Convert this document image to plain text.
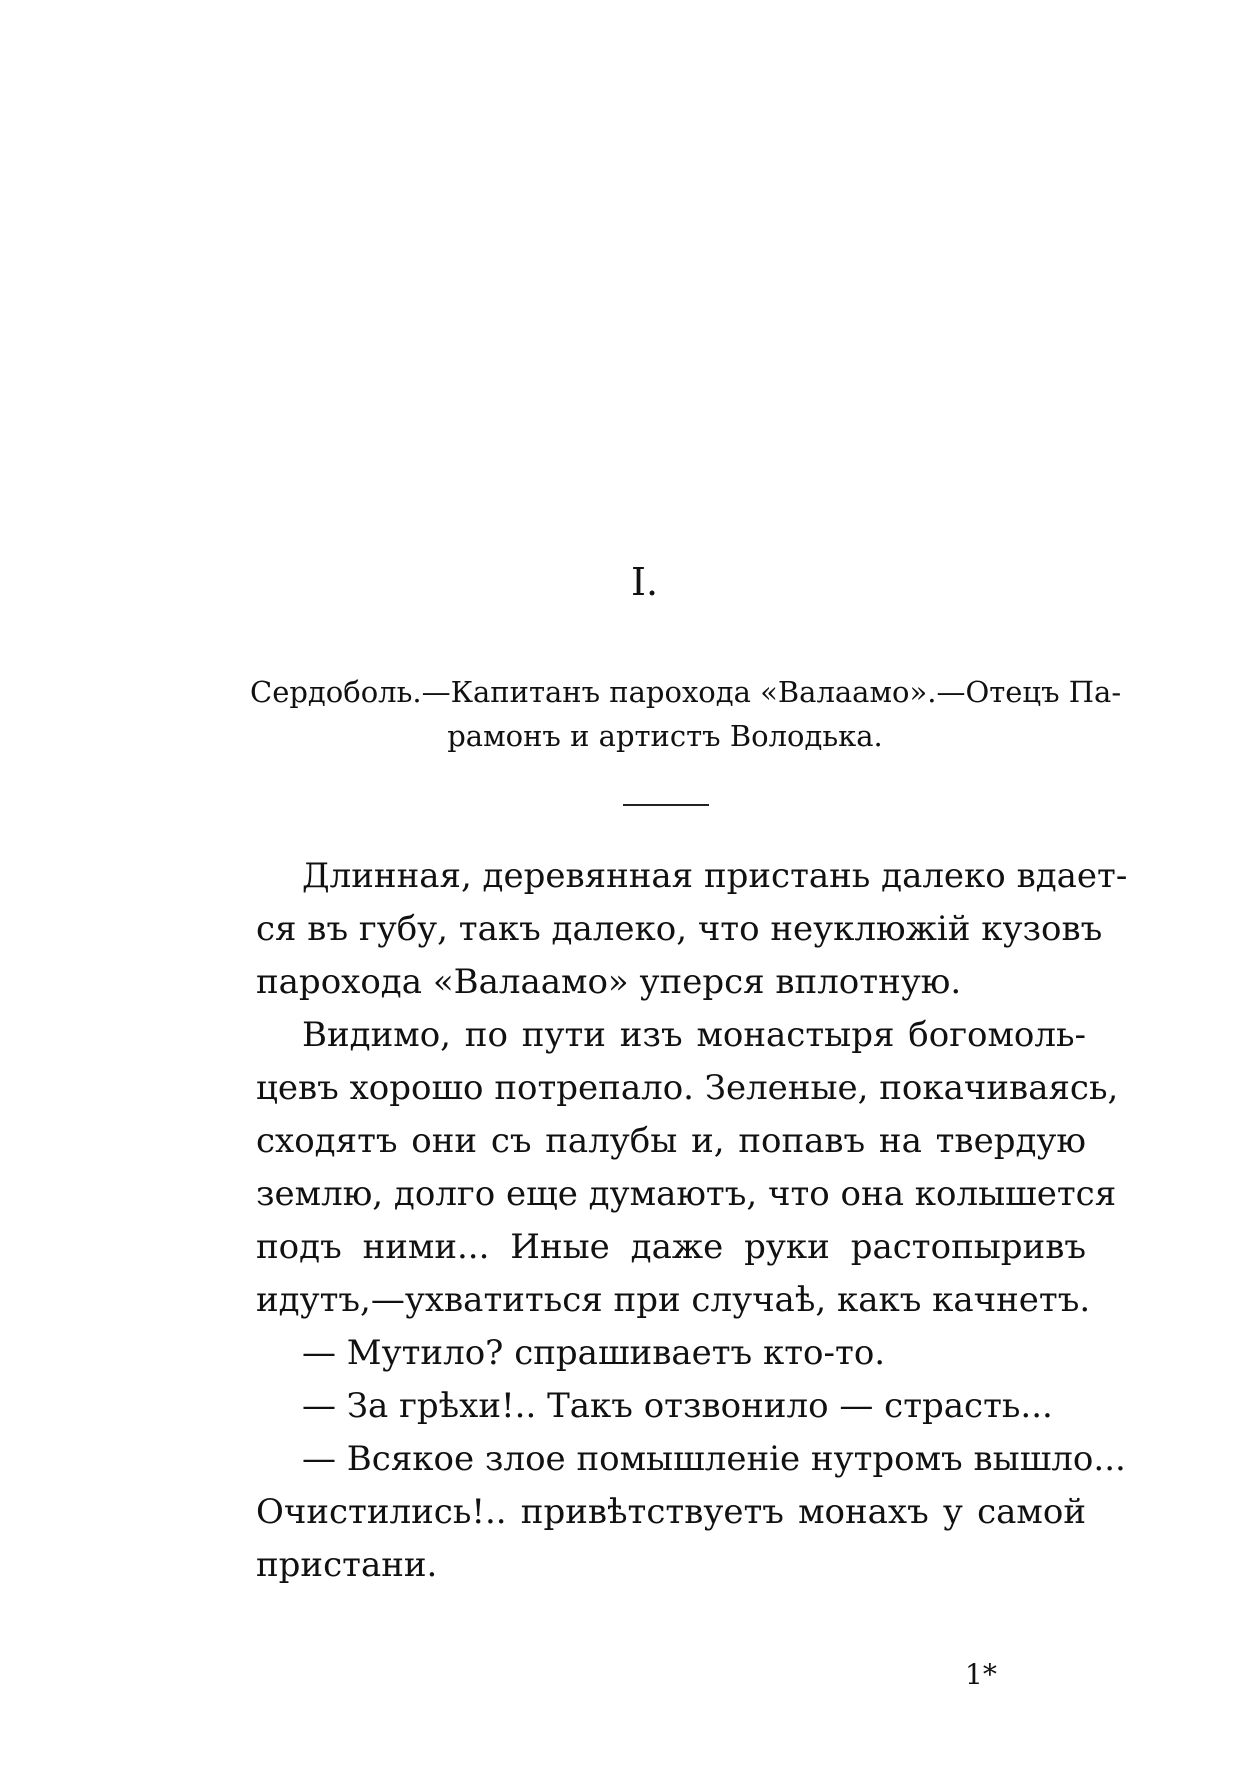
I.
Сердоболь.—Капитанъ парохода «Валаамо».—Отецъ Па-
рамонъ и артистъ Володька.
Длинная, деревянная пристань далеко вдает-
ся въ губу, такъ далеко, что неуклюжій кузовъ
парохода «Валаамо» уперся вплотную.
Видимо, по пути изъ монастыря богомоль-
цевъ хорошо потрепало. Зеленые, покачиваясь,
сходятъ они съ палубы и, попавъ на твердую
землю, долго еще думаютъ, что она колышется
подъ ними... Иные даже руки растопыривъ
идутъ,—ухватиться при случаѣ, какъ качнетъ.
— Мутило? спрашиваетъ кто-то.
— За грѣхи!.. Такъ отзвонило — страсть...
— Всякое злое помышленіе нутромъ вышло...
Очистились!.. привѣтствуетъ монахъ у самой
пристани.
1*
